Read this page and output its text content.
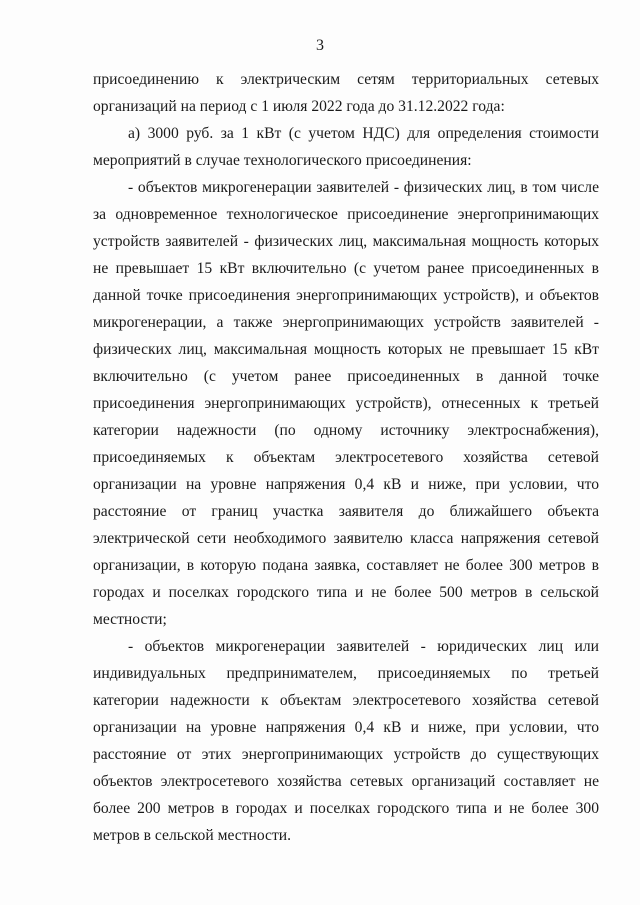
3

присоединению к электрическим сетям территориальных сетевых организаций на период с 1 июля 2022 года до 31.12.2022 года:

а) 3000 руб. за 1 кВт (с учетом НДС) для определения стоимости мероприятий в случае технологического присоединения:

- объектов микрогенерации заявителей - физических лиц, в том числе за одновременное технологическое присоединение энергопринимающих устройств заявителей - физических лиц, максимальная мощность которых не превышает 15 кВт включительно (с учетом ранее присоединенных в данной точке присоединения энергопринимающих устройств), и объектов микрогенерации, а также энергопринимающих устройств заявителей - физических лиц, максимальная мощность которых не превышает 15 кВт включительно (с учетом ранее присоединенных в данной точке присоединения энергопринимающих устройств), отнесенных к третьей категории надежности (по одному источнику электроснабжения), присоединяемых к объектам электросетевого хозяйства сетевой организации на уровне напряжения 0,4 кВ и ниже, при условии, что расстояние от границ участка заявителя до ближайшего объекта электрической сети необходимого заявителю класса напряжения сетевой организации, в которую подана заявка, составляет не более 300 метров в городах и поселках городского типа и не более 500 метров в сельской местности;

- объектов микрогенерации заявителей - юридических лиц или индивидуальных предпринимателем, присоединяемых по третьей категории надежности к объектам электросетевого хозяйства сетевой организации на уровне напряжения 0,4 кВ и ниже, при условии, что расстояние от этих энергопринимающих устройств до существующих объектов электросетевого хозяйства сетевых организаций составляет не более 200 метров в городах и поселках городского типа и не более 300 метров в сельской местности.
